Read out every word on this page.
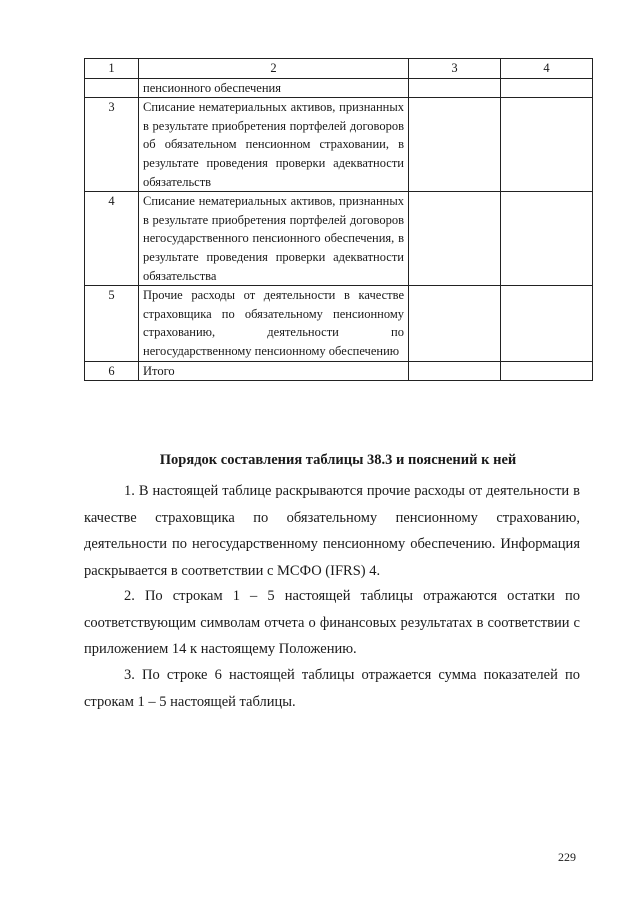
1	2	3	4
	пенсионного обеспечения		
3	Списание нематериальных активов, признанных в результате приобретения портфелей договоров об обязательном пенсионном страховании, в результате проведения проверки адекватности обязательств		
4	Списание нематериальных активов, признанных в результате приобретения портфелей договоров негосударственного пенсионного обеспечения, в результате проведения проверки адекватности обязательства		
5	Прочие расходы от деятельности в качестве страховщика по обязательному пенсионному страхованию, деятельности по негосударственному пенсионному обеспечению		
6	Итого		
Порядок составления таблицы 38.3 и пояснений к ней

1. В настоящей таблице раскрываются прочие расходы от деятельности в качестве страховщика по обязательному пенсионному страхованию, деятельности по негосударственному пенсионному обеспечению. Информация раскрывается в соответствии с МСФО (IFRS) 4.

2. По строкам 1 – 5 настоящей таблицы отражаются остатки по соответствующим символам отчета о финансовых результатах в соответствии с приложением 14 к настоящему Положению.

3. По строке 6 настоящей таблицы отражается сумма показателей по строкам 1 – 5 настоящей таблицы.

229
